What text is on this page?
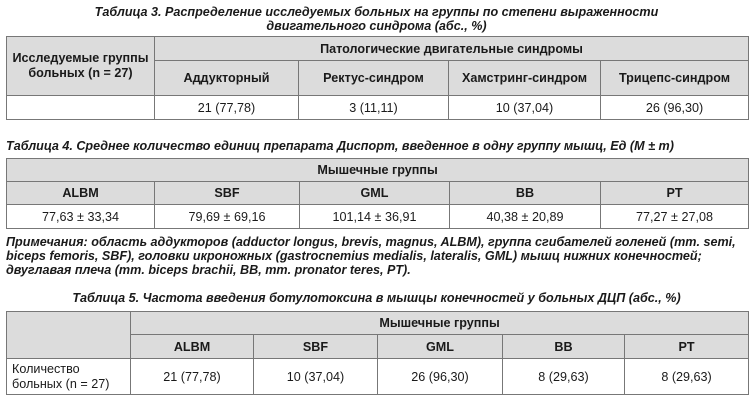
Таблица 3. Распределение исследуемых больных на группы по степени выраженности
двигательного синдрома (абс., %)
Исследуемые группы больных (n = 27)	Патологические двигательные синдромы			
	Аддукторный	Ректус-синдром	Хамстринг-синдром	Трицепс-синдром
	21 (77,78)	3 (11,11)	10 (37,04)	26 (96,30)
Таблица 4. Среднее количество единиц препарата Диспорт, введенное в одну группу мышц, Ед (M ± m)
Мышечные группы				
ALBM	SBF	GML	BB	PT
77,63 ± 33,34	79,69 ± 69,16	101,14 ± 36,91	40,38 ± 20,89	77,27 ± 27,08
Примечания: область аддукторов (adductor longus, brevis, magnus, ALBM), группа сгибателей голеней (mm. semi, biceps femoris, SBF), головки икроножных (gastrocnemius medialis, lateralis, GML) мышц нижних конечностей; двуглавая плеча (mm. biceps brachii, BB, mm. pronator teres, PT).
Таблица 5. Частота введения ботулотоксина в мышцы конечностей у больных ДЦП (абс., %)
	Мышечные группы				
	ALBM	SBF	GML	BB	PT
Количество больных (n = 27)	21 (77,78)	10 (37,04)	26 (96,30)	8 (29,63)	8 (29,63)
